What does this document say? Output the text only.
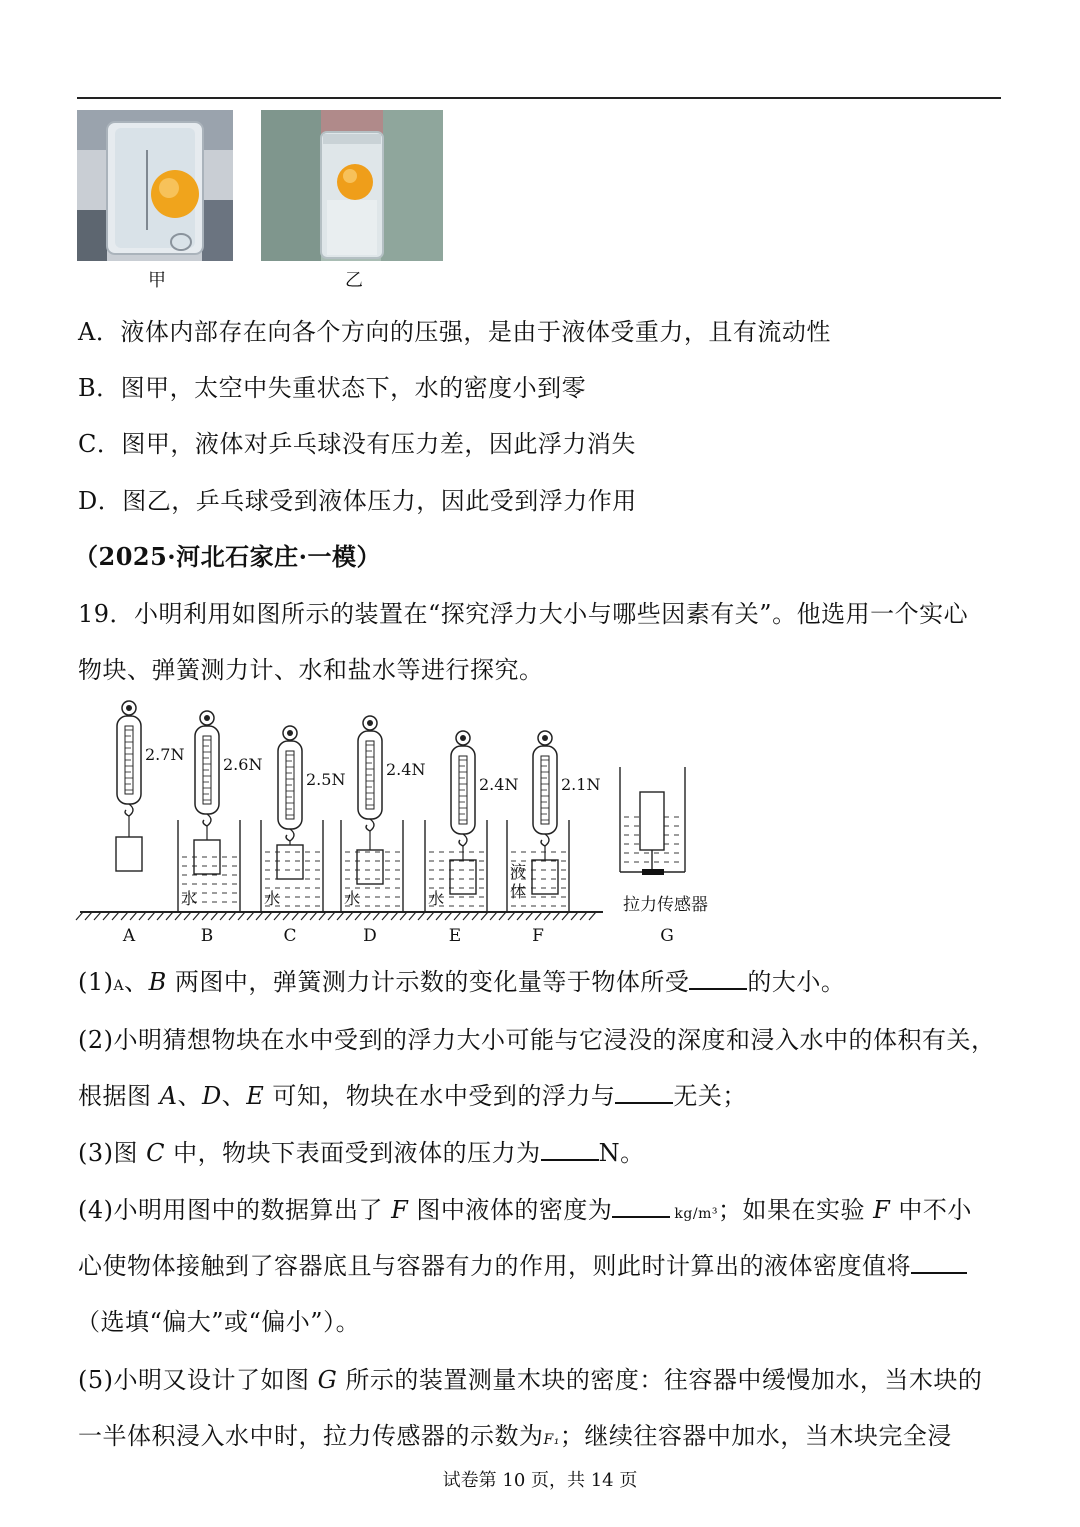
甲	乙
A．液体内部存在向各个方向的压强，是由于液体受重力，且有流动性
B．图甲，太空中失重状态下，水的密度小到零
C．图甲，液体对乒乓球没有压力差，因此浮力消失
D．图乙，乒乓球受到液体压力，因此受到浮力作用
（2025·河北石家庄·一模）
19．小明利用如图所示的装置在“探究浮力大小与哪些因素有关”。他选用一个实心
物块、弹簧测力计、水和盐水等进行探究。
2.7N
2.6N
水
2.5N
水
2.4N
水
2.4N
水
2.1N
液
体
拉力传感器
A	B	C	D	E	F	G
(1)A、B 两图中，弹簧测力计示数的变化量等于物体所受 的大小。
(2)小明猜想物块在水中受到的浮力大小可能与它浸没的深度和浸入水中的体积有关，
根据图 A、D、E 可知，物块在水中受到的浮力与 无关；
(3)图 C 中，物块下表面受到液体的压力为 N。
(4)小明用图中的数据算出了 F 图中液体的密度为	kg/m³；如果在实验 F 中不小
心使物体接触到了容器底且与容器有力的作用，则此时计算出的液体密度值将
（选填“偏大”或“偏小”）。
(5)小明又设计了如图 G 所示的装置测量木块的密度：往容器中缓慢加水，当木块的
一半体积浸入水中时，拉力传感器的示数为F₁；继续往容器中加水，当木块完全浸
试卷第 10 页，共 14 页
